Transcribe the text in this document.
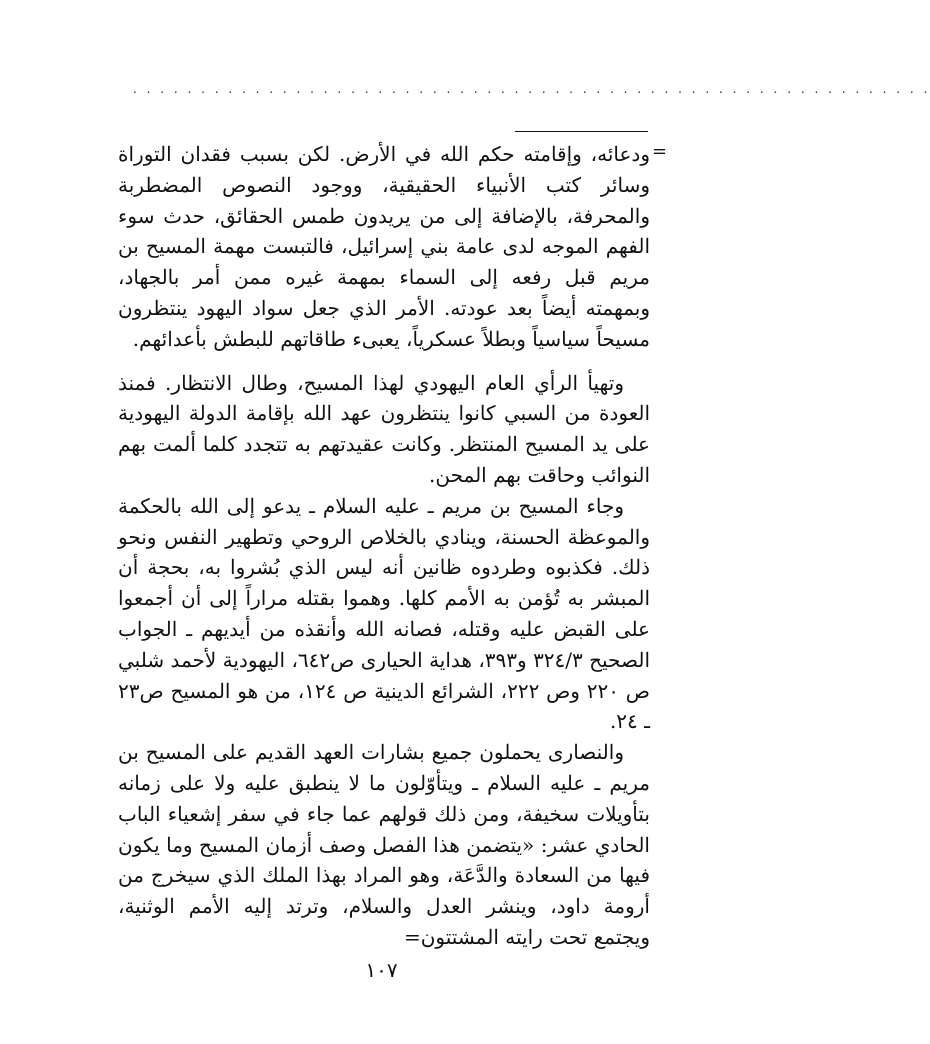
. . . . . . . . . . . . . . . . . . . . . . . . . . . . . . . . . . . . . . . . . . . . . . . . . . . . . . . . . . .
=

ودعائه، وإقامته حكم الله في الأرض. لكن بسبب فقدان التوراة وسائر كتب الأنبياء الحقيقية، ووجود النصوص المضطربة والمحرفة، بالإضافة إلى من يريدون طمس الحقائق، حدث سوء الفهم الموجه لدى عامة بني إسرائيل، فالتبست مهمة المسيح بن مريم قبل رفعه إلى السماء بمهمة غيره ممن أمر بالجهاد، وبمهمته أيضاً بعد عودته. الأمر الذي جعل سواد اليهود ينتظرون مسيحاً سياسياً وبطلاً عسكرياً، يعبىء طاقاتهم للبطش بأعدائهم.

وتهيأ الرأي العام اليهودي لهذا المسيح، وطال الانتظار. فمنذ العودة من السبي كانوا ينتظرون عهد الله بإقامة الدولة اليهودية على يد المسيح المنتظر. وكانت عقيدتهم به تتجدد كلما ألمت بهم النوائب وحاقت بهم المحن.

وجاء المسيح بن مريم ـ عليه السلام ـ يدعو إلى الله بالحكمة والموعظة الحسنة، وينادي بالخلاص الروحي وتطهير النفس ونحو ذلك. فكذبوه وطردوه ظانين أنه ليس الذي بُشروا به، بحجة أن المبشر به تُؤمن به الأمم كلها. وهموا بقتله مراراً إلى أن أجمعوا على القبض عليه وقتله، فصانه الله وأنقذه من أيديهم ـ الجواب الصحيح ٣٢٤/٣ و٣٩٣، هداية الحيارى ص٦٤٢، اليهودية لأحمد شلبي ص ٢٢٠ وص ٢٢٢، الشرائع الدينية ص ١٢٤، من هو المسيح ص٢٣ ـ ٢٤.

والنصارى يحملون جميع بشارات العهد القديم على المسيح بن مريم ـ عليه السلام ـ ويتأوّلون ما لا ينطبق عليه ولا على زمانه بتأويلات سخيفة، ومن ذلك قولهم عما جاء في سفر إشعياء الباب الحادي عشر: «يتضمن هذا الفصل وصف أزمان المسيح وما يكون فيها من السعادة والدَّعَة، وهو المراد بهذا الملك الذي سيخرج من أرومة داود، وينشر العدل والسلام، وترتد إليه الأمم الوثنية، ويجتمع تحت رايته المشتتون=

١٠٧
